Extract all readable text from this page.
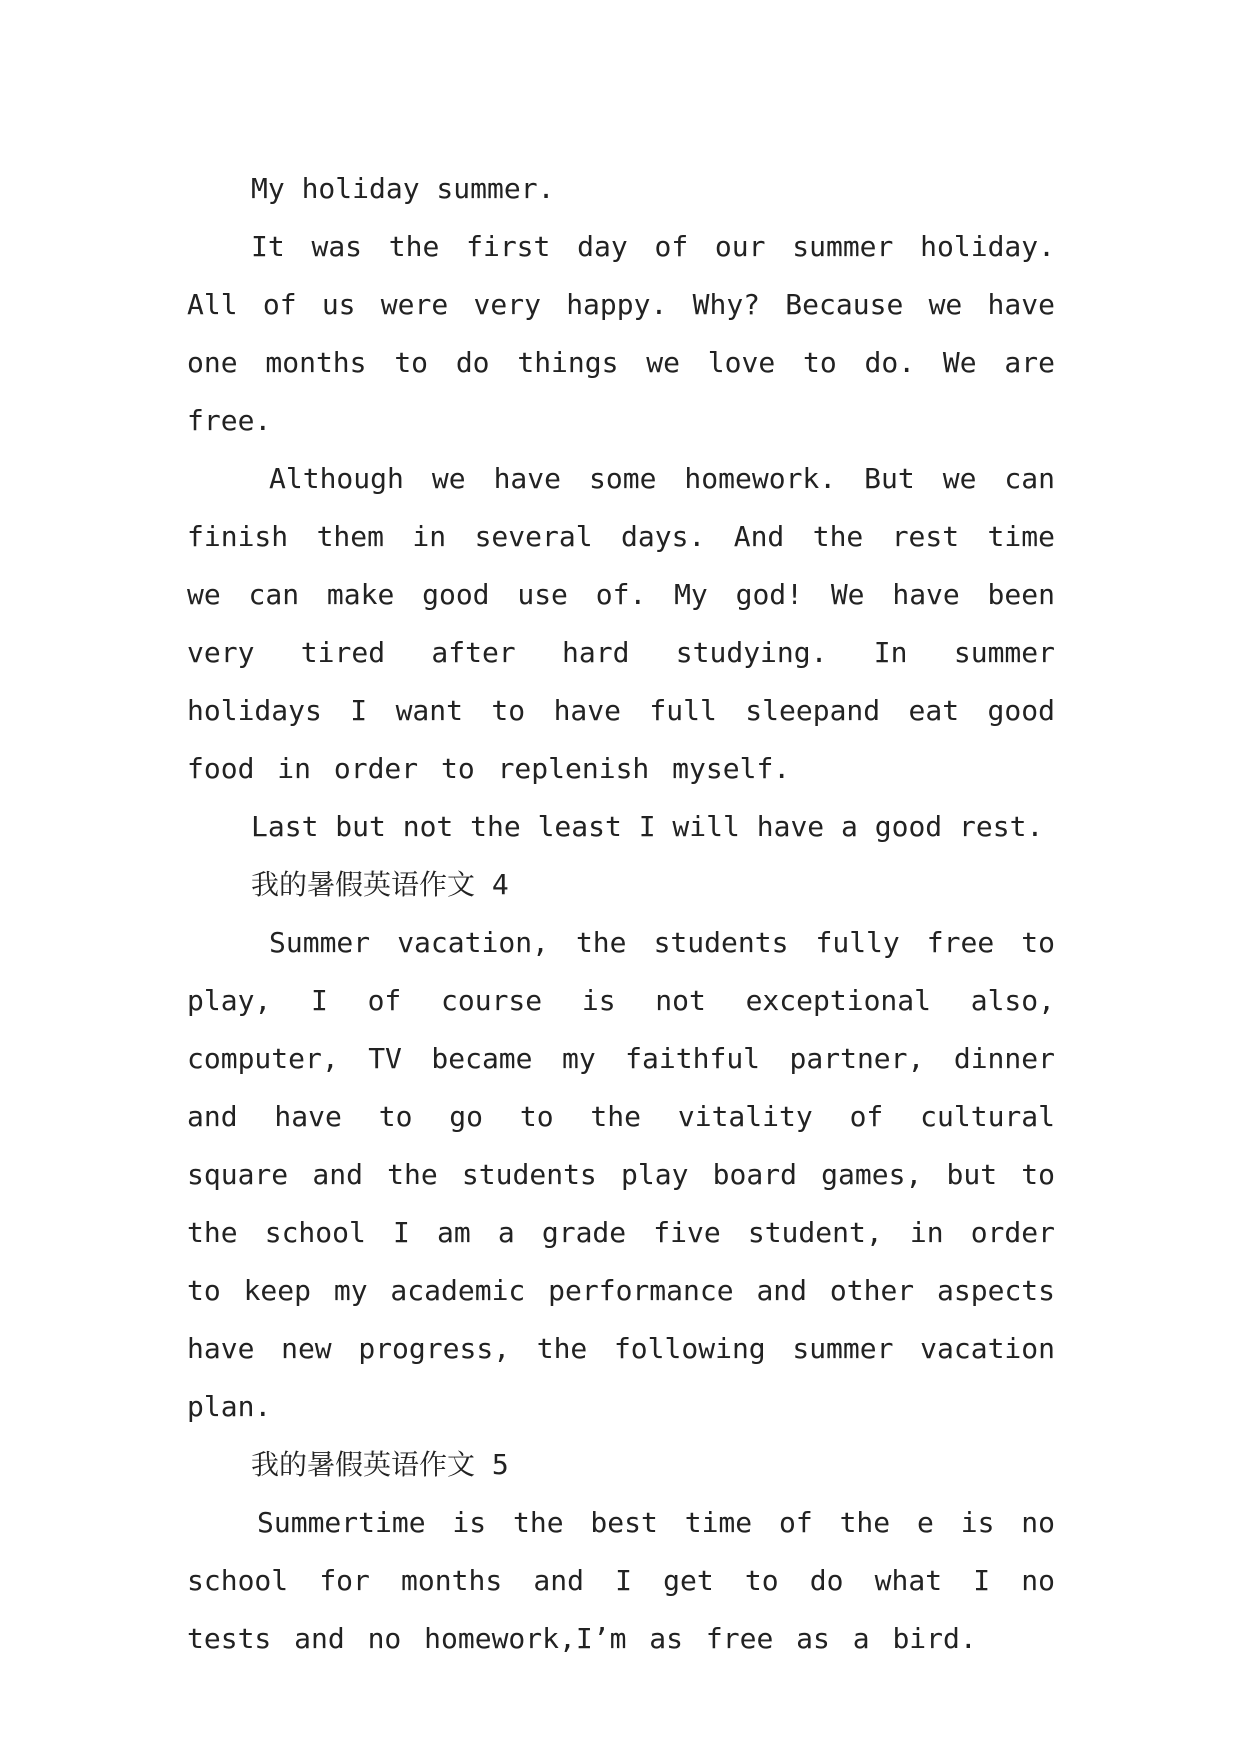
My holiday summer.

It was the first day of our summer holiday. All of us were very happy. Why? Because we have one months to do things we love to do. We are free.

Although we have some homework. But we can finish them in several days. And the rest time we can make good use of. My god! We have been very tired after hard studying. In summer holidays I want to have full sleepand eat good food in order to replenish myself.

Last but not the least I will have a good rest.

我的暑假英语作文 4

Summer vacation, the students fully free to play, I of course is not exceptional also, computer, TV became my faithful partner, dinner and have to go to the vitality of cultural square and the students play board games, but to the school I am a grade five student, in order to keep my academic performance and other aspects have new progress, the following summer vacation plan.

我的暑假英语作文 5

Summertime is the best time of the e is no school for months and I get to do what I no tests and no homework,I’m as free as a bird.
